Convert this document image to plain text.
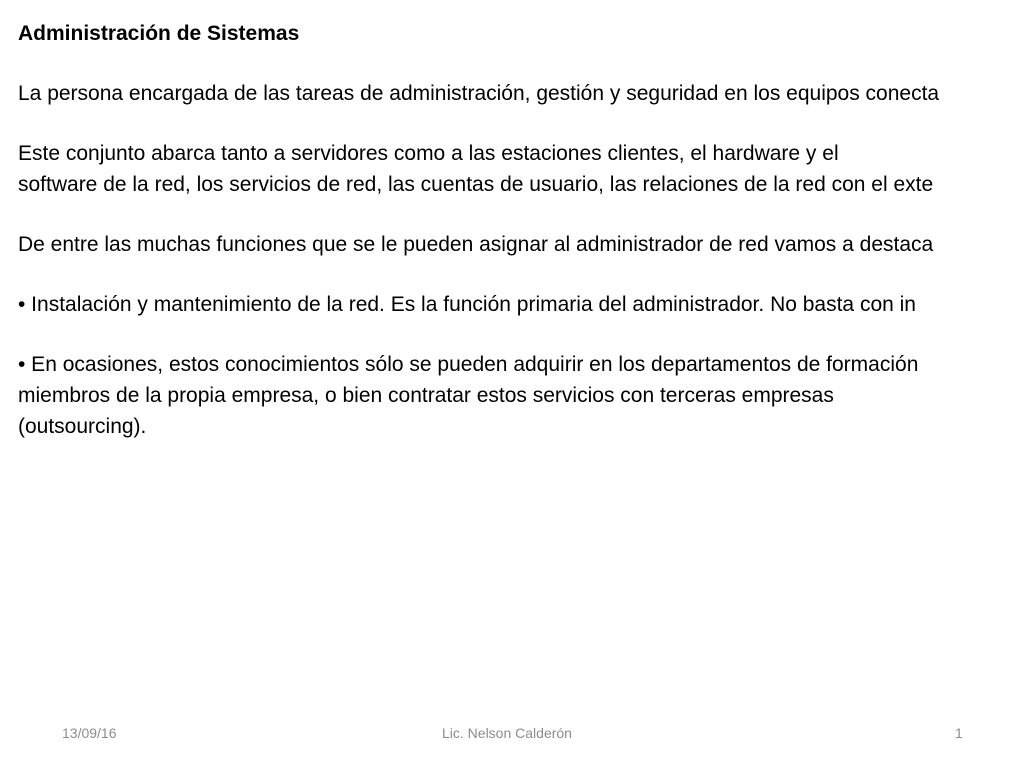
Administración de Sistemas

La persona encargada de las tareas de administración, gestión y seguridad en los equipos conecta

Este conjunto abarca tanto a servidores como a las estaciones clientes, el hardware y el

software de la red, los servicios de red, las cuentas de usuario, las relaciones de la red con el exte

De entre las muchas funciones que se le pueden asignar al administrador de red vamos a destaca

• Instalación y mantenimiento de la red. Es la función primaria del administrador. No basta con in

• En ocasiones, estos conocimientos sólo se pueden adquirir en los departamentos de formación

miembros de la propia empresa, o bien contratar estos servicios con terceras empresas

(outsourcing).

13/09/16	Lic. Nelson Calderón	1
